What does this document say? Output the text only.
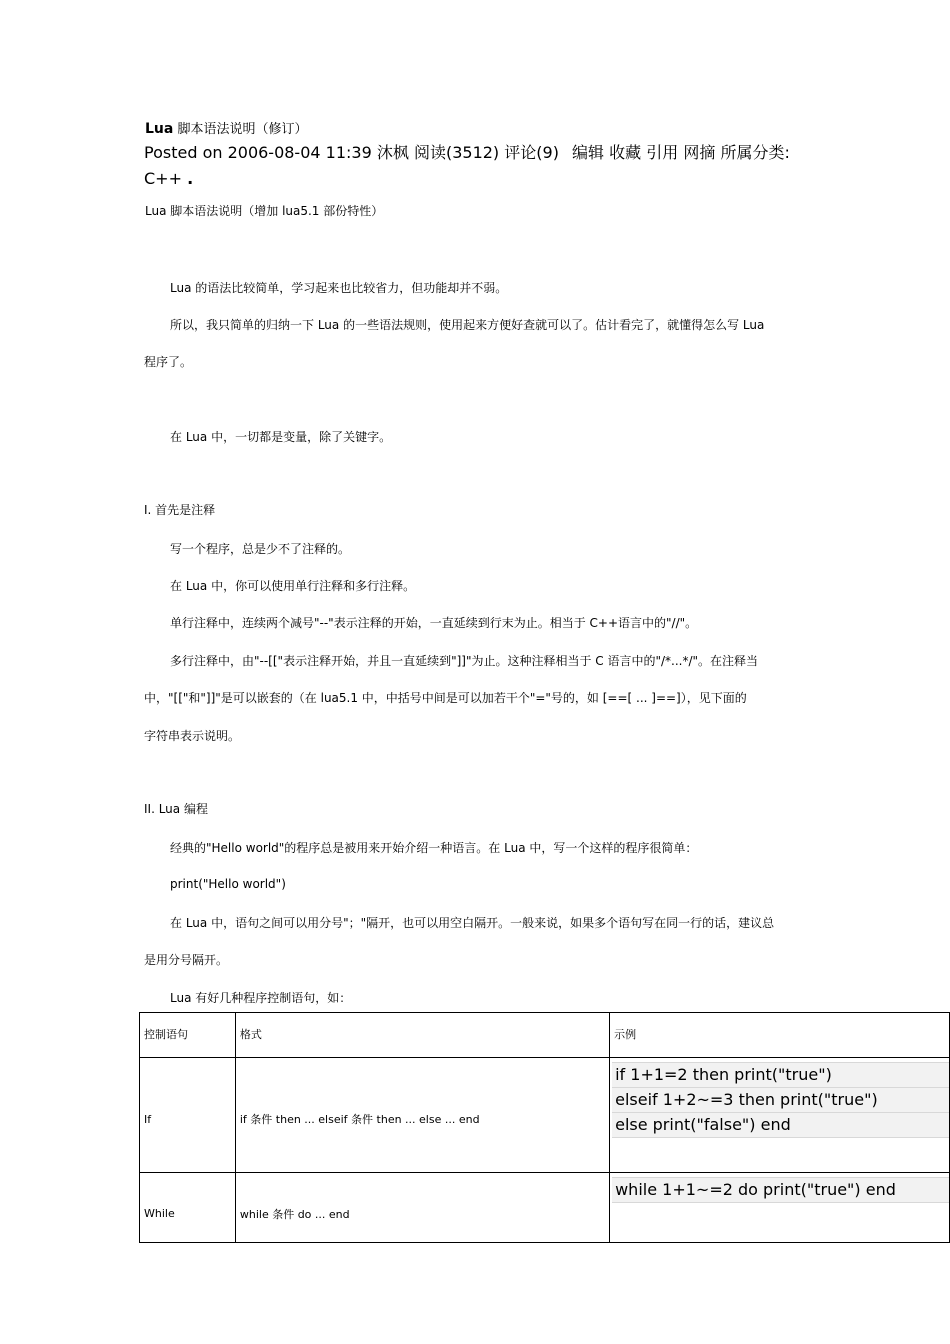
Lua 脚本语法说明（修订）
Posted on 2006-08-04 11:39 沐枫 阅读(3512) 评论(9) 编辑 收藏 引用 网摘 所属分类:
C++ .
Lua 脚本语法说明（增加 lua5.1 部份特性）
Lua 的语法比较简单，学习起来也比较省力，但功能却并不弱。
所以，我只简单的归纳一下 Lua 的一些语法规则，使用起来方便好查就可以了。估计看完了，就懂得怎么写 Lua
程序了。
在 Lua 中，一切都是变量，除了关键字。
I. 首先是注释
写一个程序，总是少不了注释的。
在 Lua 中，你可以使用单行注释和多行注释。
单行注释中，连续两个减号"--"表示注释的开始，一直延续到行末为止。相当于 C++语言中的"//"。
多行注释中，由"--[["表示注释开始，并且一直延续到"]]"为止。这种注释相当于 C 语言中的"/*...*/"。在注释当
中，"[["和"]]"是可以嵌套的（在 lua5.1 中，中括号中间是可以加若干个"="号的，如 [==[ ... ]==]），见下面的
字符串表示说明。
II. Lua 编程
经典的"Hello world"的程序总是被用来开始介绍一种语言。在 Lua 中，写一个这样的程序很简单：
print("Hello world")
在 Lua 中，语句之间可以用分号"；"隔开，也可以用空白隔开。一般来说，如果多个语句写在同一行的话，建议总
是用分号隔开。
Lua 有好几种程序控制语句，如：
控制语句	格式	示例
If	if 条件 then ... elseif 条件 then ... else ... end	if 1+1=2 then print("true")
elseif 1+2~=3 then print("true")
else print("false") end

While	while 条件 do ... end	while 1+1~=2 do print("true") end
